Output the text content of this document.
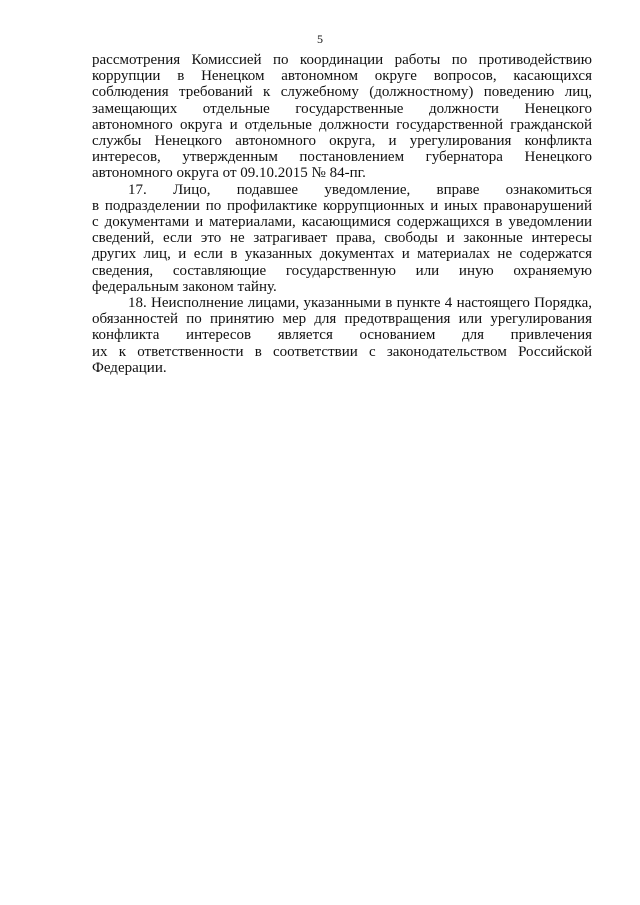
5

рассмотрения Комиссией по координации работы по противодействию
коррупции в Ненецком автономном округе вопросов, касающихся
соблюдения требований к служебному (должностному) поведению лиц,
замещающих отдельные государственные должности Ненецкого
автономного округа и отдельные должности государственной гражданской
службы Ненецкого автономного округа, и урегулирования конфликта
интересов, утвержденным постановлением губернатора Ненецкого
автономного округа от 09.10.2015 № 84-пг.

17. Лицо, подавшее уведомление, вправе ознакомиться
в подразделении по профилактике коррупционных и иных правонарушений
с документами и материалами, касающимися содержащихся в уведомлении
сведений, если это не затрагивает права, свободы и законные интересы
других лиц, и если в указанных документах и материалах не содержатся
сведения, составляющие государственную или иную охраняемую
федеральным законом тайну.

18. Неисполнение лицами, указанными в пункте 4 настоящего Порядка,
обязанностей по принятию мер для предотвращения или урегулирования
конфликта интересов является основанием для привлечения
их к ответственности в соответствии с законодательством Российской
Федерации.
